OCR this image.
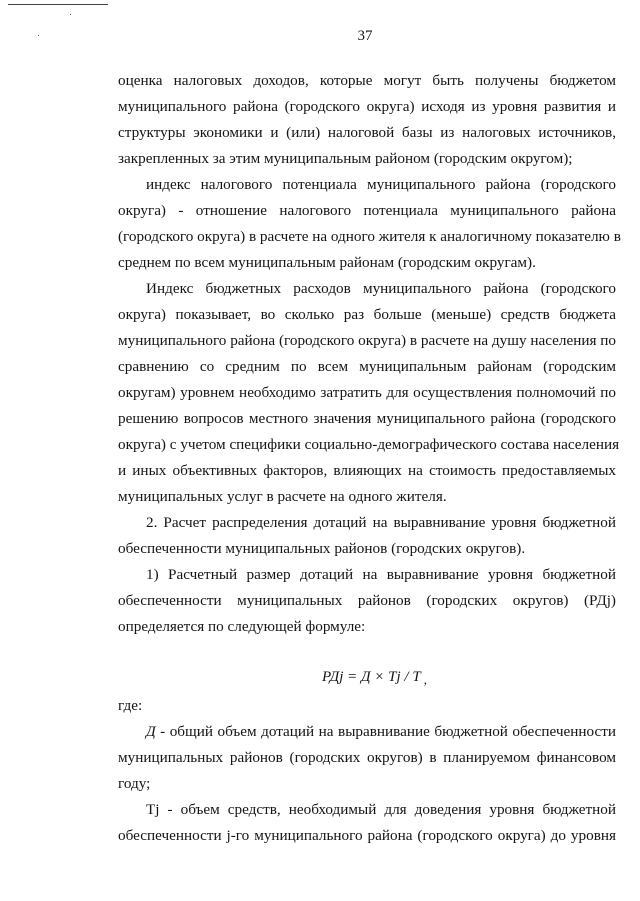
37
оценка налоговых доходов, которые могут быть получены бюджетом
муниципального района (городского округа) исходя из уровня развития и
структуры экономики и (или) налоговой базы из налоговых источников,
закрепленных за этим муниципальным районом (городским округом);
индекс налогового потенциала муниципального района (городского
округа) - отношение налогового потенциала муниципального района
(городского округа) в расчете на одного жителя к аналогичному показателю в
среднем по всем муниципальным районам (городским округам).
Индекс бюджетных расходов муниципального района (городского
округа) показывает, во сколько раз больше (меньше) средств бюджета
муниципального района (городского округа) в расчете на душу населения по
сравнению со средним по всем муниципальным районам (городским
округам) уровнем необходимо затратить для осуществления полномочий по
решению вопросов местного значения муниципального района (городского
округа) с учетом специфики социально-демографического состава населения
и иных объективных факторов, влияющих на стоимость предоставляемых
муниципальных услуг в расчете на одного жителя.
2. Расчет распределения дотаций на выравнивание уровня бюджетной
обеспеченности муниципальных районов (городских округов).
1) Расчетный размер дотаций на выравнивание уровня бюджетной
обеспеченности муниципальных районов (городских округов) (РДj)
определяется по следующей формуле:
РДj = Д × Tj / T ,
где:
Д - общий объем дотаций на выравнивание бюджетной обеспеченности
муниципальных районов (городских округов) в планируемом финансовом
году;
Тj - объем средств, необходимый для доведения уровня бюджетной
обеспеченности j-го муниципального района (городского округа) до уровня
